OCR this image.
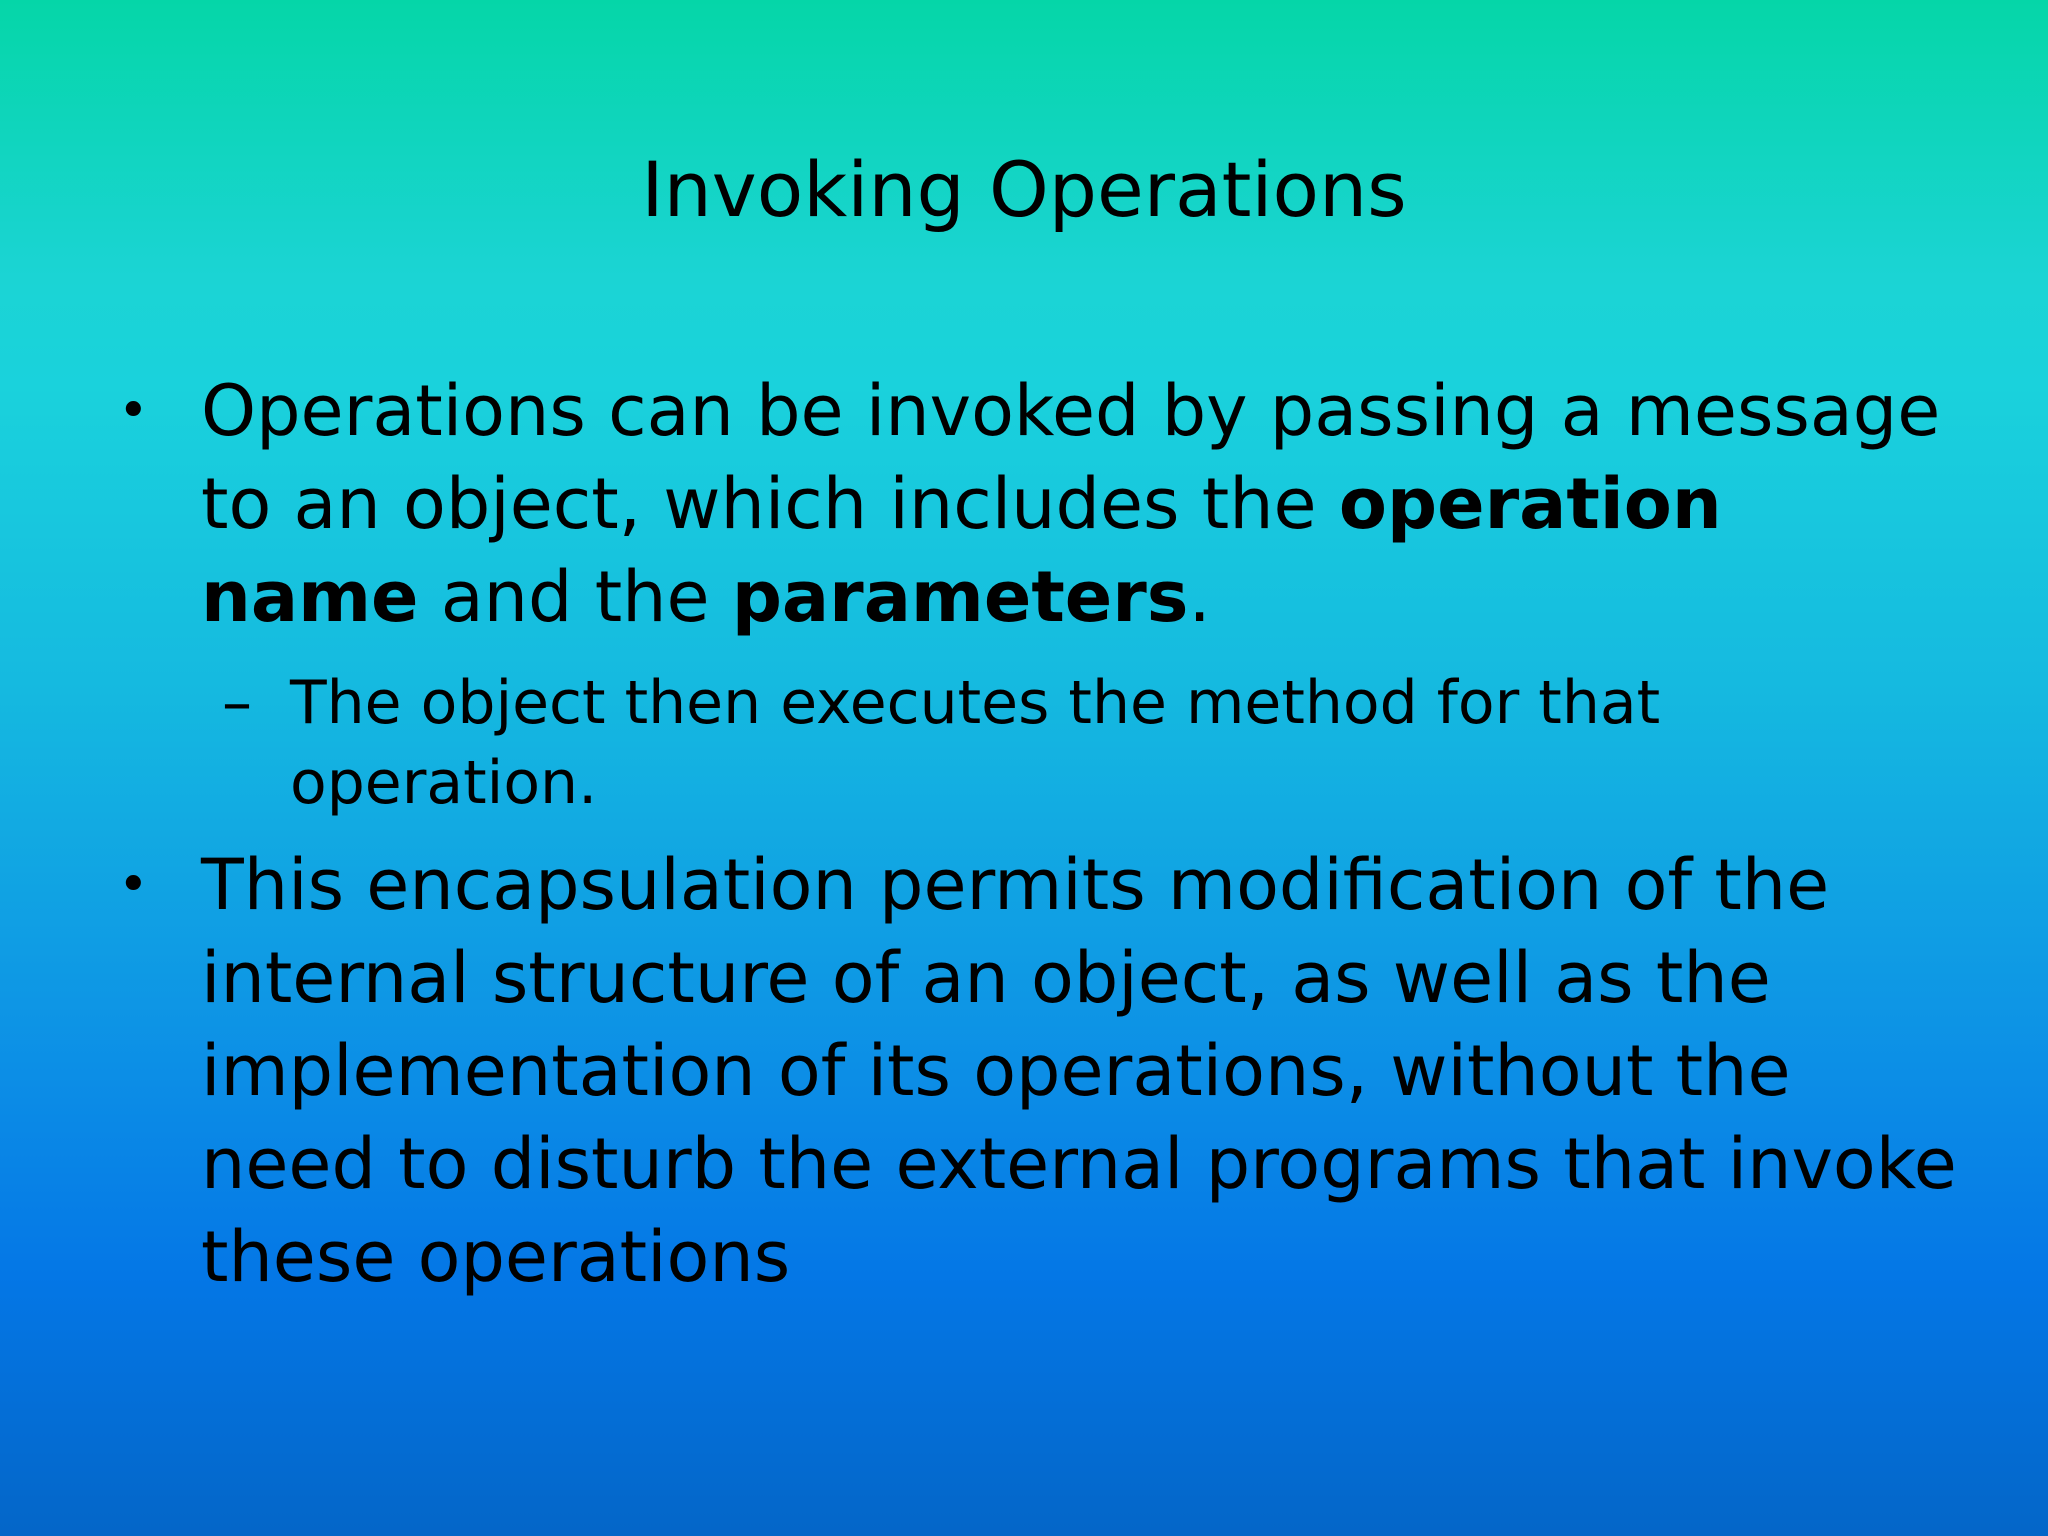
Invoking Operations
• Operations can be invoked by passing a message to an object, which includes the operation name and the parameters.
– The object then executes the method for that operation.
• This encapsulation permits modification of the internal structure of an object, as well as the implementation of its operations, without the need to disturb the external programs that invoke these operations
